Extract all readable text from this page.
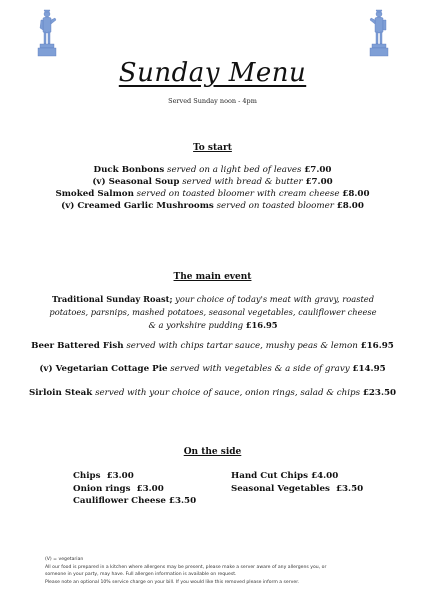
Sunday Menu
Served Sunday noon - 4pm
To start
Duck Bonbons served on a light bed of leaves £7.00
(v) Seasonal Soup served with bread & butter £7.00
Smoked Salmon served on toasted bloomer with cream cheese £8.00
(v) Creamed Garlic Mushrooms served on toasted bloomer £8.00
The main event
Traditional Sunday Roast; your choice of today's meat with gravy, roasted potatoes, parsnips, mashed potatoes, seasonal vegetables, cauliflower cheese & a yorkshire pudding £16.95
Beer Battered Fish served with chips tartar sauce, mushy peas & lemon £16.95
(v) Vegetarian Cottage Pie served with vegetables & a side of gravy £14.95
Sirloin Steak served with your choice of sauce, onion rings, salad & chips £23.50
On the side
Chips £3.00
Onion rings £3.00
Cauliflower Cheese £3.50
Hand Cut Chips £4.00
Seasonal Vegetables £3.50
(V) = vegetarian
All our food is prepared in a kitchen where allergens may be present, please make a server aware of any allergens you, or
someone in your party, may have. Full allergen information is available on request.
Please note an optional 10% service charge on your bill. If you would like this removed please inform a server.
